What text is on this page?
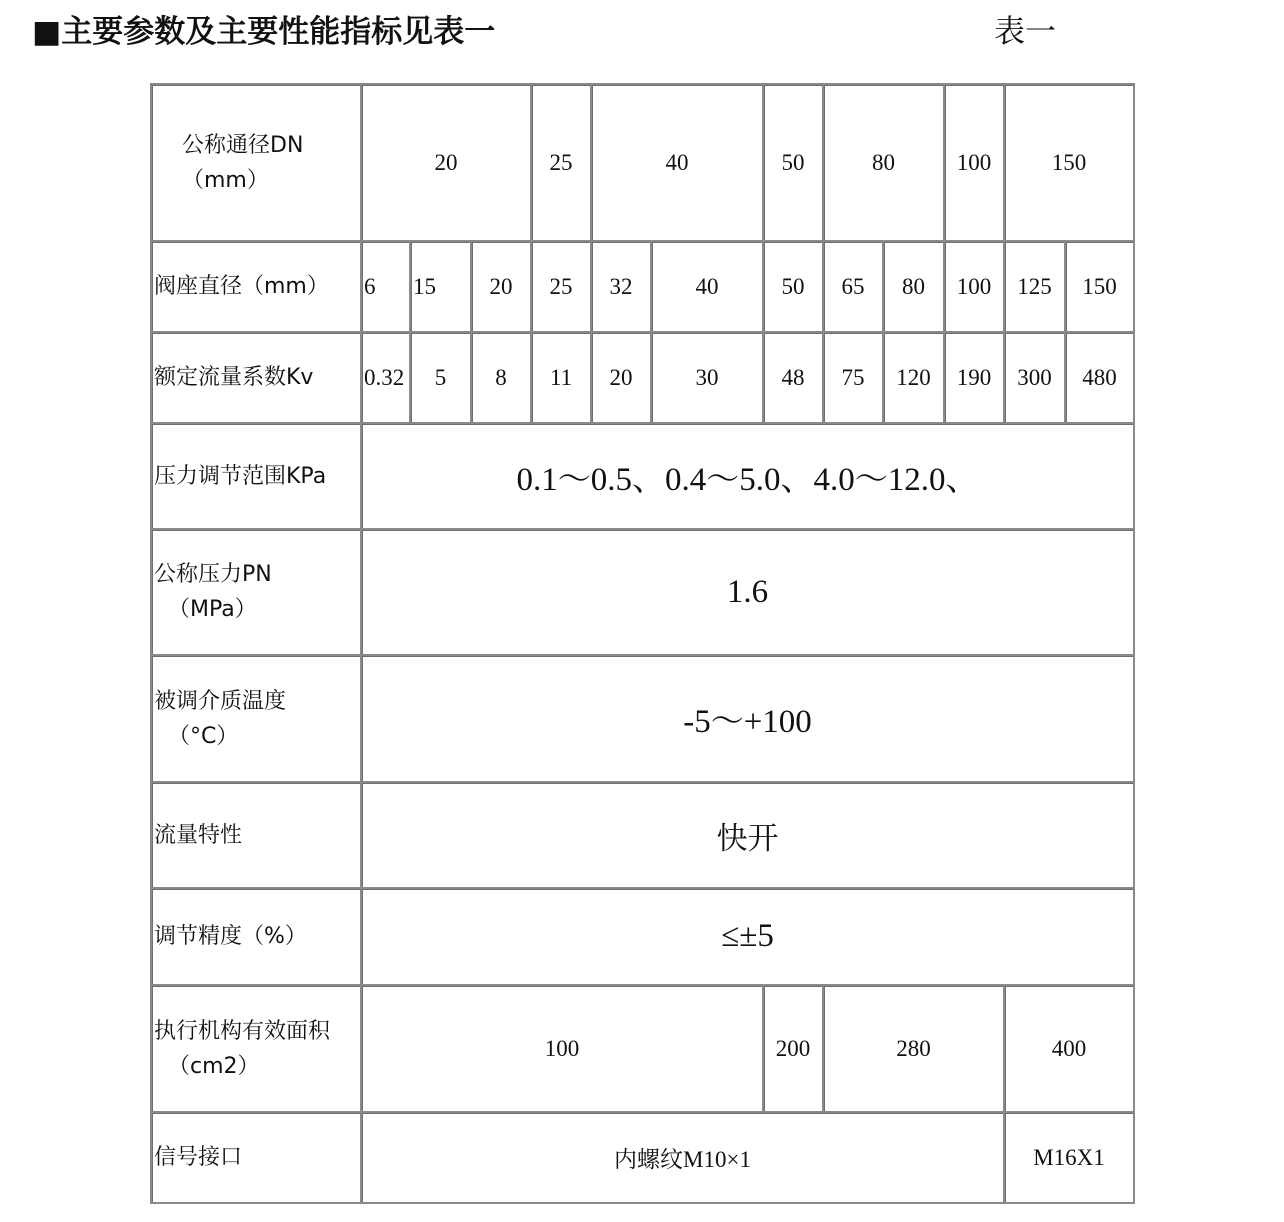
■主要参数及主要性能指标见表一	表一
公称通径DN
（mm）	20			25	40		50	80		100	150	
阀座直径（mm）	6	15	20	25	32	40	50	65	80	100	125	150
额定流量系数Kv	0.32	5	8	11	20	30	48	75	120	190	300	480
压力调节范围KPa	0.1～0.5、0.4～5.0、4.0～12.0、											
公称压力PN
（MPa）	1.6											
被调介质温度
（°C）	-5～+100											
流量特性	快开											
调节精度（%）	≤±5											
执行机构有效面积
（cm2）	100						200	280			400	
信号接口	内螺纹M10×1										M16X1	
